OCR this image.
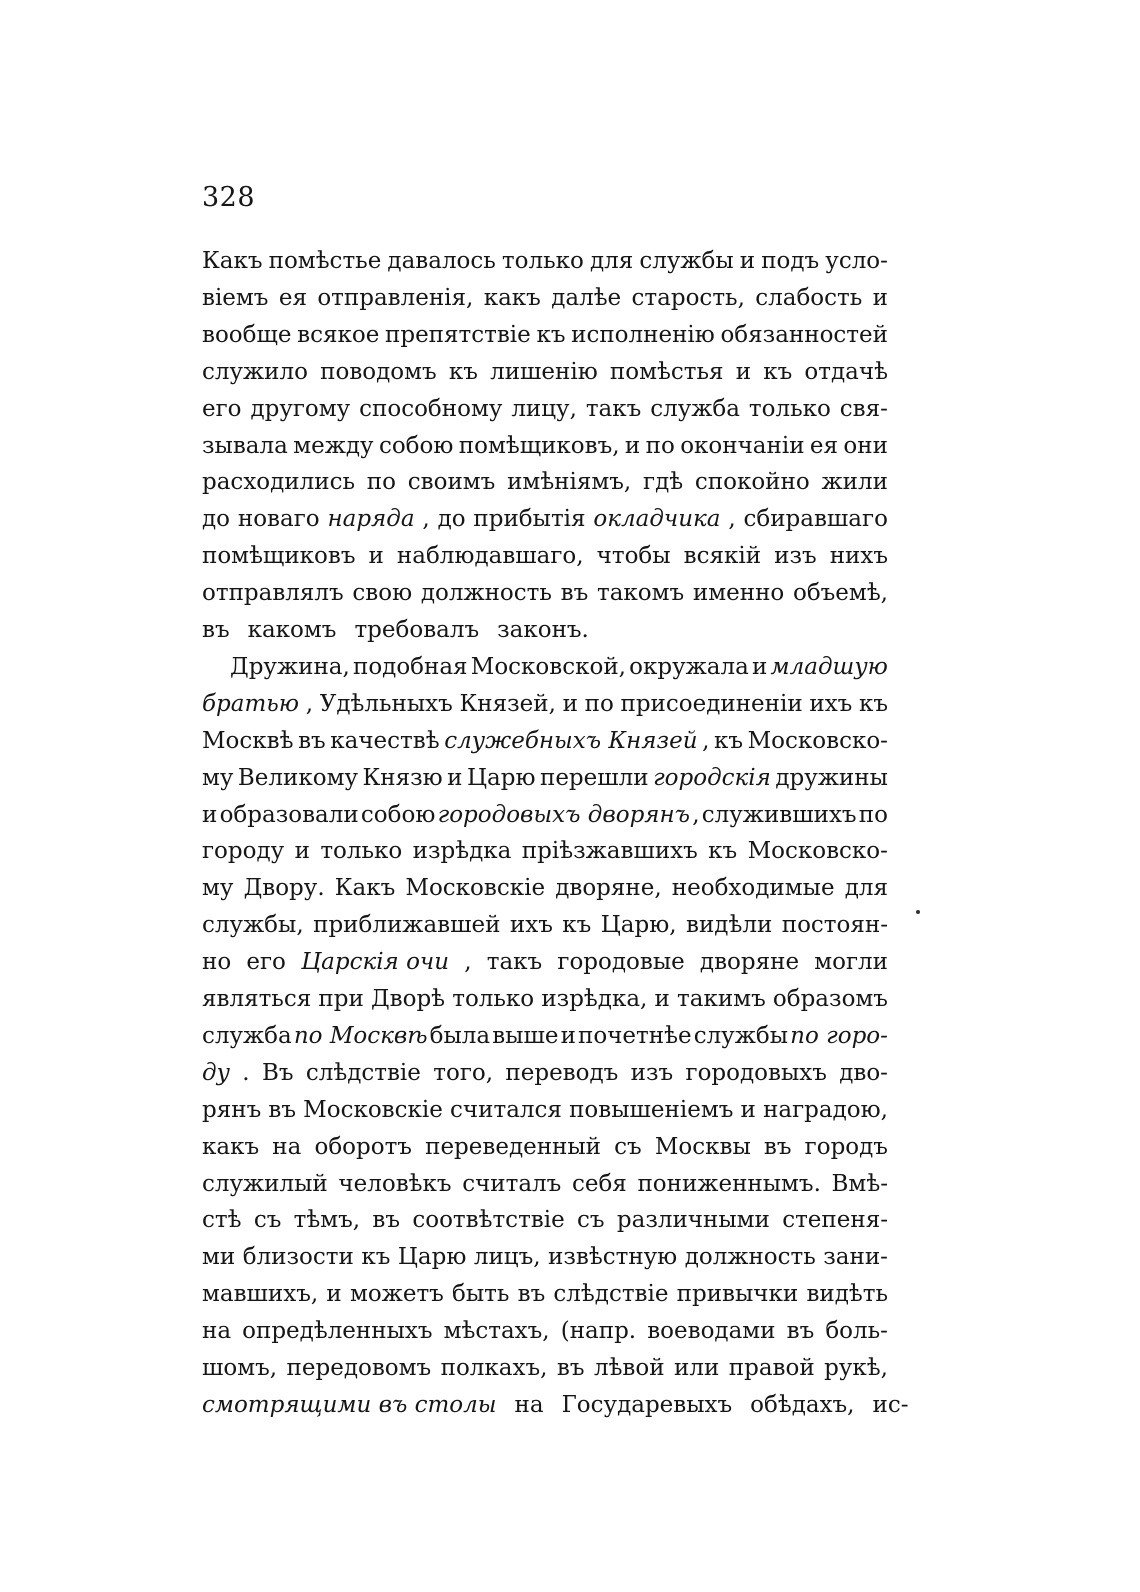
328
Какъ помѣстье давалось только для службы и подъ усло-
віемъ ея отправленія, какъ далѣе старость, слабость и
вообще всякое препятствіе къ исполненію обязанностей
служило поводомъ къ лишенію помѣстья и къ отдачѣ
его другому способному лицу, такъ служба только свя-
зывала между собою помѣщиковъ, и по окончаніи ея они
расходились по своимъ имѣніямъ, гдѣ спокойно жили
до новаго наряда , до прибытія окладчика , сбиравшаго
помѣщиковъ и наблюдавшаго, чтобы всякій изъ нихъ
отправлялъ свою должность въ такомъ именно объемѣ,
въ какомъ требовалъ законъ.
Дружина, подобная Московской, окружала и младшую
братью , Удѣльныхъ Князей, и по присоединеніи ихъ къ
Москвѣ въ качествѣ служебныхъ Князей , къ Московско-
му Великому Князю и Царю перешли городскія дружины
и образовали собою городовыхъ дворянъ , служившихъ по
городу и только изрѣдка пріѣзжавшихъ къ Московско-
му Двору. Какъ Московскіе дворяне, необходимые для
службы, приближавшей ихъ къ Царю, видѣли постоян-
но его Царскія очи , такъ городовые дворяне могли
являться при Дворѣ только изрѣдка, и такимъ образомъ
служба по Москвѣ была выше и почетнѣе службы по горо-
ду . Въ слѣдствіе того, переводъ изъ городовыхъ дво-
рянъ въ Московскіе считался повышеніемъ и наградою,
какъ на оборотъ переведенный съ Москвы въ городъ
служилый человѣкъ считалъ себя пониженнымъ. Вмѣ-
стѣ съ тѣмъ, въ соотвѣтствіе съ различными степеня-
ми близости къ Царю лицъ, извѣстную должность зани-
мавшихъ, и можетъ быть въ слѣдствіе привычки видѣть
на опредѣленныхъ мѣстахъ, (напр. воеводами въ боль-
шомъ, передовомъ полкахъ, въ лѣвой или правой рукѣ,
смотрящими въ столы на Государевыхъ обѣдахъ, ис-
